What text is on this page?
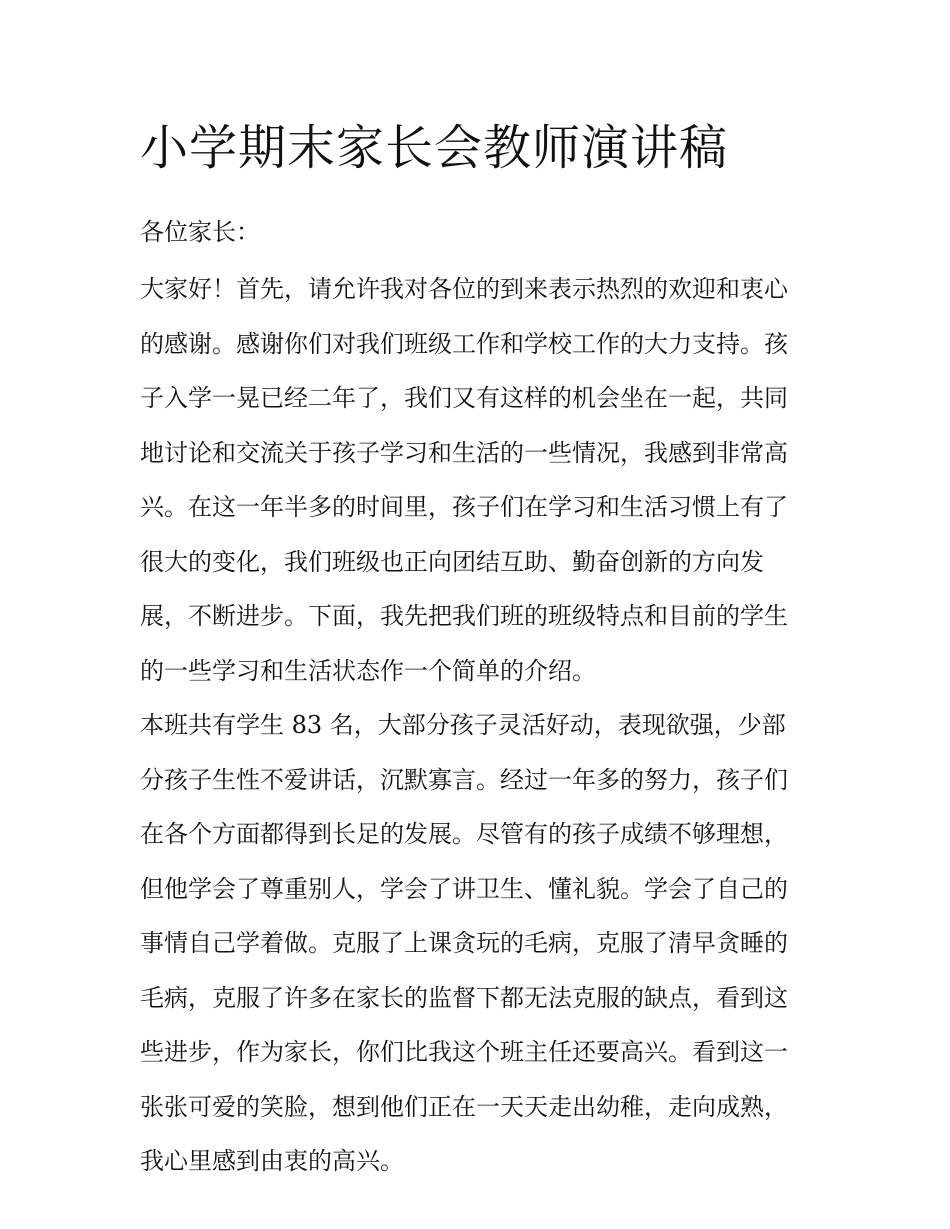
小学期末家长会教师演讲稿

各位家长：

大家好！首先，请允许我对各位的到来表示热烈的欢迎和衷心
的感谢。感谢你们对我们班级工作和学校工作的大力支持。孩
子入学一晃已经二年了，我们又有这样的机会坐在一起，共同
地讨论和交流关于孩子学习和生活的一些情况，我感到非常高
兴。在这一年半多的时间里，孩子们在学习和生活习惯上有了
很大的变化，我们班级也正向团结互助、勤奋创新的方向发
展，不断进步。下面，我先把我们班的班级特点和目前的学生
的一些学习和生活状态作一个简单的介绍。

本班共有学生 83 名，大部分孩子灵活好动，表现欲强，少部
分孩子生性不爱讲话，沉默寡言。经过一年多的努力，孩子们
在各个方面都得到长足的发展。尽管有的孩子成绩不够理想，
但他学会了尊重别人，学会了讲卫生、懂礼貌。学会了自己的
事情自己学着做。克服了上课贪玩的毛病，克服了清早贪睡的
毛病，克服了许多在家长的监督下都无法克服的缺点，看到这
些进步，作为家长，你们比我这个班主任还要高兴。看到这一
张张可爱的笑脸，想到他们正在一天天走出幼稚，走向成熟，
我心里感到由衷的高兴。
